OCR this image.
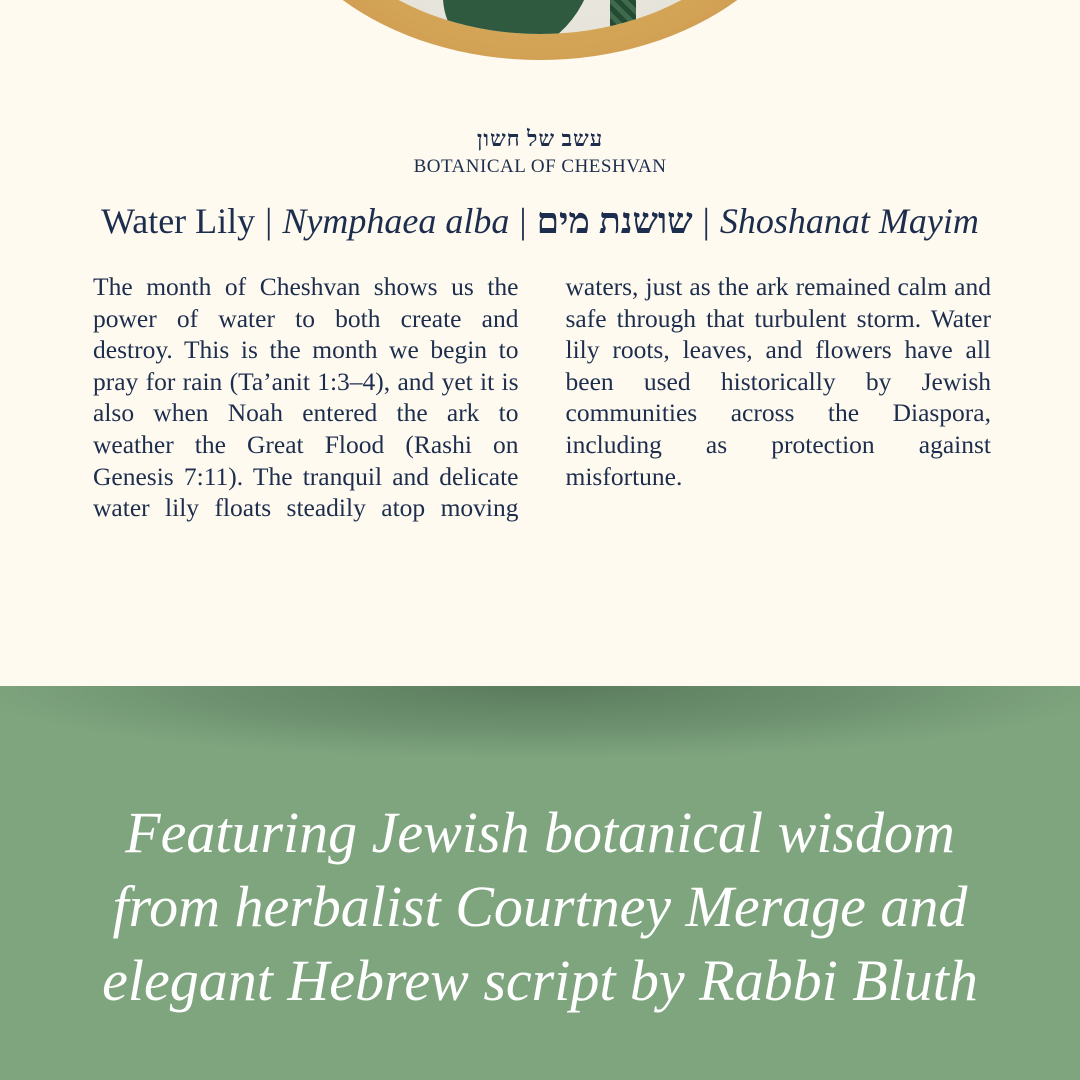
עשב של חשון
BOTANICAL OF CHESHVAN
Water Lily | Nymphaea alba | שושנת מים | Shoshanat Mayim
The month of Cheshvan shows us the power of water to both create and destroy. This is the month we begin to pray for rain (Ta’anit 1:3–4), and yet it is also when Noah entered the ark to weather the Great Flood (Rashi on Genesis 7:11). The tranquil and delicate water lily floats steadily atop moving waters, just as the ark remained calm and safe through that turbulent storm. Water lily roots, leaves, and flowers have all been used historically by Jewish communities across the Diaspora, including as protection against misfortune.
Featuring Jewish botanical wisdom
from herbalist Courtney Merage and
elegant Hebrew script by Rabbi Bluth
